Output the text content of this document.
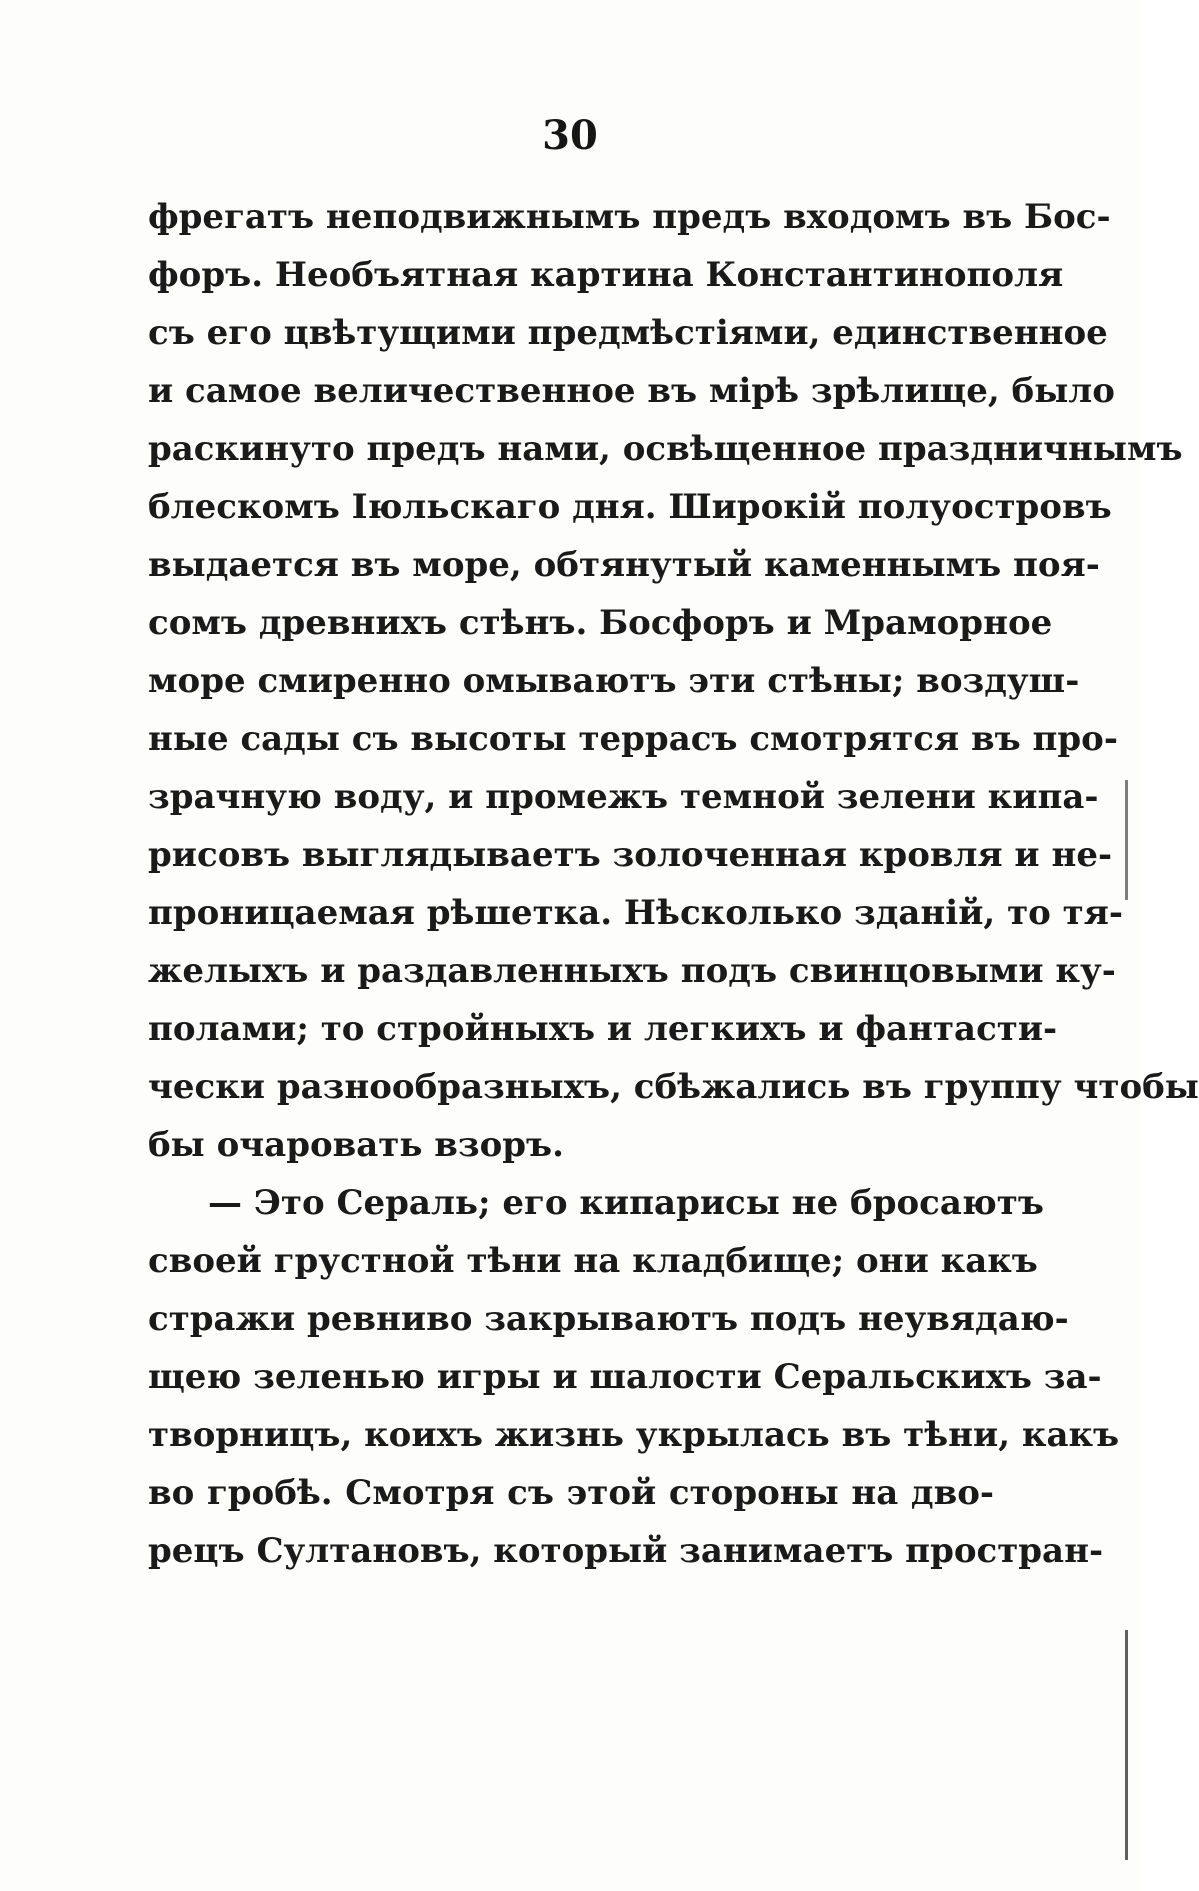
30
фрегатъ неподвижнымъ предъ входомъ въ Бос-
форъ. Необъятная картина Константинополя
съ его цвѣтущими предмѣстіями, единственное
и самое величественное въ мірѣ зрѣлище, было
раскинуто предъ нами, освѣщенное праздничнымъ
блескомъ Іюльскаго дня. Широкій полуостровъ
выдается въ море, обтянутый каменнымъ поя-
сомъ древнихъ стѣнъ. Босфоръ и Мраморное
море смиренно омываютъ эти стѣны; воздуш-
ные сады съ высоты террасъ смотрятся въ про-
зрачную воду, и промежъ темной зелени кипа-
рисовъ выглядываетъ золоченная кровля и не-
проницаемая рѣшетка. Нѣсколько зданій, то тя-
желыхъ и раздавленныхъ подъ свинцовыми ку-
полами; то стройныхъ и легкихъ и фантасти-
чески разнообразныхъ, сбѣжались въ группу чтобы
бы очаровать взоръ.
— Это Сераль; его кипарисы не бросаютъ
своей грустной тѣни на кладбище; они какъ
стражи ревниво закрываютъ подъ неувядаю-
щею зеленью игры и шалости Серальскихъ за-
творницъ, коихъ жизнь укрылась въ тѣни, какъ
во гробѣ. Смотря съ этой стороны на дво-
рецъ Султановъ, который занимаетъ простран-
